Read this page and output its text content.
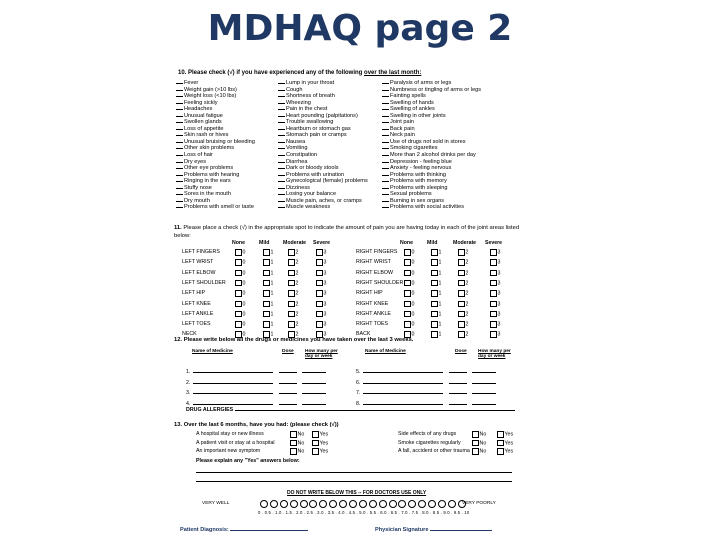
MDHAQ page 2
10. Please check (√) if you have experienced any of the following over the last month:
Fever
Weight gain (>10 lbs)
Weight loss (<10 lbs)
Feeling sickly
Headaches
Unusual fatigue
Swollen glands
Loss of appetite
Skin rash or hives
Unusual bruising or bleeding
Other skin problems
Loss of hair
Dry eyes
Other eye problems
Problems with hearing
Ringing in the ears
Stuffy nose
Sores in the mouth
Dry mouth
Problems with smell or taste
Lump in your throat
Cough
Shortness of breath
Wheezing
Pain in the chest
Heart pounding (palpitations)
Trouble swallowing
Heartburn or stomach gas
Stomach pain or cramps
Nausea
Vomiting
Constipation
Diarrhea
Dark or bloody stools
Problems with urination
Gynecological (female) problems
Dizziness
Losing your balance
Muscle pain, aches, or cramps
Muscle weakness
Paralysis of arms or legs
Numbness or tingling of arms or legs
Fainting spells
Swelling of hands
Swelling of ankles
Swelling in other joints
Joint pain
Back pain
Neck pain
Use of drugs not sold in stores
Smoking cigarettes
More than 2 alcohol drinks per day
Depression - feeling blue
Anxiety - feeling nervous
Problems with thinking
Problems with memory
Problems with sleeping
Sexual problems
Burning in sex organs
Problems with social activities
11. Please place a check (√) in the appropriate spot to indicate the amount of pain you are having today in each of the joint areas listed below:
None	Mild	Moderate Severe	None	Mild	Moderate Severe
LEFT FINGERS	0	1	2	3	RIGHT FINGERS	0	1	2	3
LEFT WRIST	0	1	2	3	RIGHT WRIST	0	1	2	3
LEFT ELBOW	0	1	2	3	RIGHT ELBOW	0	1	2	3
LEFT SHOULDER	0	1	2	3	RIGHT SHOULDER	0	1	2	3
LEFT HIP	0	1	2	3	RIGHT HIP	0	1	2	3
LEFT KNEE	0	1	2	3	RIGHT KNEE	0	1	2	3
LEFT ANKLE	0	1	2	3	RIGHT ANKLE	0	1	2	3
LEFT TOES	0	1	2	3	RIGHT TOES	0	1	2	3
NECK	0	1	2	3	BACK	0	1	2	3
12. Please write below all the drugs or medicines you have taken over the last 3 weeks.
Name of Medicine	Dose How many per day or week
Name of Medicine	Dose How many per day or week
1.	5.
2.	6.
3.	7.
4.	8.
DRUG ALLERGIES
13. Over the last 6 months, have you had: (please check (√))
A hospital stay or new illness	No	Yes	Side effects of any drugs	No	Yes
A patient visit or stay at a hospital	No	Yes	Smoke cigarettes regularly	No	Yes
An important new symptom	No	Yes	A fall, accident or other trauma	No	Yes
Please explain any "Yes" answers below:
DO NOT WRITE BELOW THIS -- FOR DOCTORS USE ONLY
VERY WELL	VERY POORLY
0 . 0.5 . 1.0 . 1.5 . 2.0 . 2.5 . 3.0 . 3.5 . 4.0 . 4.5 . 5.0 . 5.5 . 6.0 . 6.5 . 7.0 . 7.5 . 8.0 . 8.5 . 9.0 . 9.5 . 10
Patient Diagnosis:	Physician Signature
